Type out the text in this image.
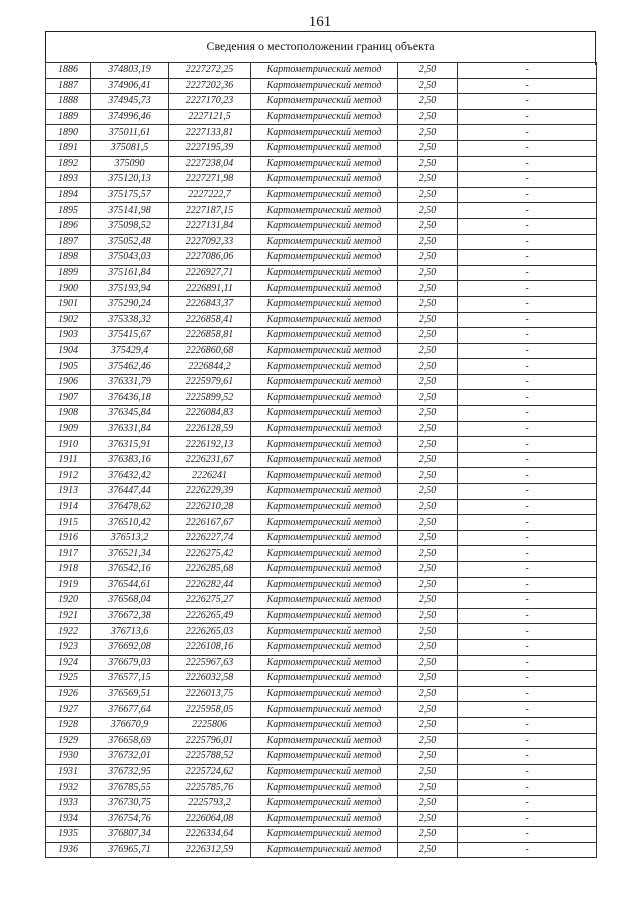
161
Сведения о местоположении границ объекта
1886	374803,19	2227272,25	Картометрический метод	2,50	-
1887	374906,41	2227202,36	Картометрический метод	2,50	-
1888	374945,73	2227170,23	Картометрический метод	2,50	-
1889	374996,46	2227121,5	Картометрический метод	2,50	-
1890	375011,61	2227133,81	Картометрический метод	2,50	-
1891	375081,5	2227195,39	Картометрический метод	2,50	-
1892	375090	2227238,04	Картометрический метод	2,50	-
1893	375120,13	2227271,98	Картометрический метод	2,50	-
1894	375175,57	2227222,7	Картометрический метод	2,50	-
1895	375141,98	2227187,15	Картометрический метод	2,50	-
1896	375098,52	2227131,84	Картометрический метод	2,50	-
1897	375052,48	2227092,33	Картометрический метод	2,50	-
1898	375043,03	2227086,06	Картометрический метод	2,50	-
1899	375161,84	2226927,71	Картометрический метод	2,50	-
1900	375193,94	2226891,11	Картометрический метод	2,50	-
1901	375290,24	2226843,37	Картометрический метод	2,50	-
1902	375338,32	2226858,41	Картометрический метод	2,50	-
1903	375415,67	2226858,81	Картометрический метод	2,50	-
1904	375429,4	2226860,68	Картометрический метод	2,50	-
1905	375462,46	2226844,2	Картометрический метод	2,50	-
1906	376331,79	2225979,61	Картометрический метод	2,50	-
1907	376436,18	2225899,52	Картометрический метод	2,50	-
1908	376345,84	2226084,83	Картометрический метод	2,50	-
1909	376331,84	2226128,59	Картометрический метод	2,50	-
1910	376315,91	2226192,13	Картометрический метод	2,50	-
1911	376383,16	2226231,67	Картометрический метод	2,50	-
1912	376432,42	2226241	Картометрический метод	2,50	-
1913	376447,44	2226229,39	Картометрический метод	2,50	-
1914	376478,62	2226210,28	Картометрический метод	2,50	-
1915	376510,42	2226167,67	Картометрический метод	2,50	-
1916	376513,2	2226227,74	Картометрический метод	2,50	-
1917	376521,34	2226275,42	Картометрический метод	2,50	-
1918	376542,16	2226285,68	Картометрический метод	2,50	-
1919	376544,61	2226282,44	Картометрический метод	2,50	-
1920	376568,04	2226275,27	Картометрический метод	2,50	-
1921	376672,38	2226265,49	Картометрический метод	2,50	-
1922	376713,6	2226265,03	Картометрический метод	2,50	-
1923	376692,08	2226108,16	Картометрический метод	2,50	-
1924	376679,03	2225967,63	Картометрический метод	2,50	-
1925	376577,15	2226032,58	Картометрический метод	2,50	-
1926	376569,51	2226013,75	Картометрический метод	2,50	-
1927	376677,64	2225958,05	Картометрический метод	2,50	-
1928	376670,9	2225806	Картометрический метод	2,50	-
1929	376658,69	2225796,01	Картометрический метод	2,50	-
1930	376732,01	2225788,52	Картометрический метод	2,50	-
1931	376732,95	2225724,62	Картометрический метод	2,50	-
1932	376785,55	2225785,76	Картометрический метод	2,50	-
1933	376730,75	2225793,2	Картометрический метод	2,50	-
1934	376754,76	2226064,08	Картометрический метод	2,50	-
1935	376807,34	2226334,64	Картометрический метод	2,50	-
1936	376965,71	2226312,59	Картометрический метод	2,50	-
